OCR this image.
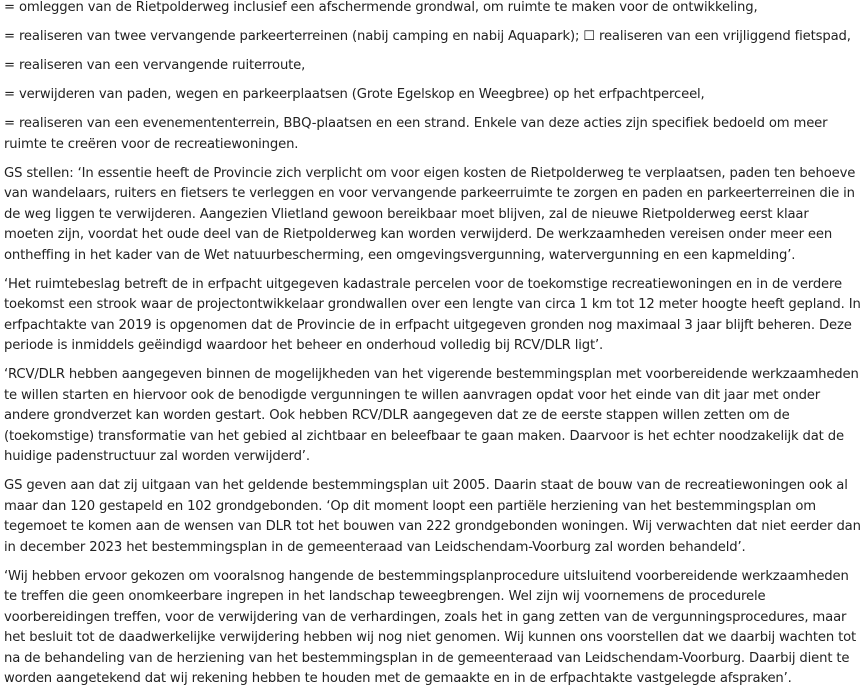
= omleggen van de Rietpolderweg inclusief een afschermende grondwal, om ruimte te maken voor de ontwikkeling,

= realiseren van twee vervangende parkeerterreinen (nabij camping en nabij Aquapark); ☐ realiseren van een vrijliggend fietspad,

= realiseren van een vervangende ruiterroute,

= verwijderen van paden, wegen en parkeerplaatsen (Grote Egelskop en Weegbree) op het erfpachtperceel,

= realiseren van een evenemententerrein, BBQ-plaatsen en een strand. Enkele van deze acties zijn specifiek bedoeld om meer ruimte te creëren voor de recreatiewoningen.

GS stellen: ‘In essentie heeft de Provincie zich verplicht om voor eigen kosten de Rietpolderweg te verplaatsen, paden ten behoeve van wandelaars, ruiters en fietsers te verleggen en voor vervangende parkeerruimte te zorgen en paden en parkeerterreinen die in de weg liggen te verwijderen. Aangezien Vlietland gewoon bereikbaar moet blijven, zal de nieuwe Rietpolderweg eerst klaar moeten zijn, voordat het oude deel van de Rietpolderweg kan worden verwijderd. De werkzaamheden vereisen onder meer een ontheffing in het kader van de Wet natuurbescherming, een omgevingsvergunning, watervergunning en een kapmelding’.

‘Het ruimtebeslag betreft de in erfpacht uitgegeven kadastrale percelen voor de toekomstige recreatiewoningen en in de verdere toekomst een strook waar de projectontwikkelaar grondwallen over een lengte van circa 1 km tot 12 meter hoogte heeft gepland. In erfpachtakte van 2019 is opgenomen dat de Provincie de in erfpacht uitgegeven gronden nog maximaal 3 jaar blijft beheren. Deze periode is inmiddels geëindigd waardoor het beheer en onderhoud volledig bij RCV/DLR ligt’.

‘RCV/DLR hebben aangegeven binnen de mogelijkheden van het vigerende bestemmingsplan met voorbereidende werkzaamheden te willen starten en hiervoor ook de benodigde vergunningen te willen aanvragen opdat voor het einde van dit jaar met onder andere grondverzet kan worden gestart. Ook hebben RCV/DLR aangegeven dat ze de eerste stappen willen zetten om de (toekomstige) transformatie van het gebied al zichtbaar en beleefbaar te gaan maken. Daarvoor is het echter noodzakelijk dat de huidige padenstructuur zal worden verwijderd’.

GS geven aan dat zij uitgaan van het geldende bestemmingsplan uit 2005. Daarin staat de bouw van de recreatiewoningen ook al maar dan 120 gestapeld en 102 grondgebonden. ‘Op dit moment loopt een partiële herziening van het bestemmingsplan om tegemoet te komen aan de wensen van DLR tot het bouwen van 222 grondgebonden woningen. Wij verwachten dat niet eerder dan in december 2023 het bestemmingsplan in de gemeenteraad van Leidschendam-Voorburg zal worden behandeld’.

‘Wij hebben ervoor gekozen om vooralsnog hangende de bestemmingsplanprocedure uitsluitend voorbereidende werkzaamheden te treffen die geen onomkeerbare ingrepen in het landschap teweegbrengen. Wel zijn wij voornemens de procedurele voorbereidingen treffen, voor de verwijdering van de verhardingen, zoals het in gang zetten van de vergunningsprocedures, maar het besluit tot de daadwerkelijke verwijdering hebben wij nog niet genomen. Wij kunnen ons voorstellen dat we daarbij wachten tot na de behandeling van de herziening van het bestemmingsplan in de gemeenteraad van Leidschendam-Voorburg. Daarbij dient te worden aangetekend dat wij rekening hebben te houden met de gemaakte en in de erfpachtakte vastgelegde afspraken’.
